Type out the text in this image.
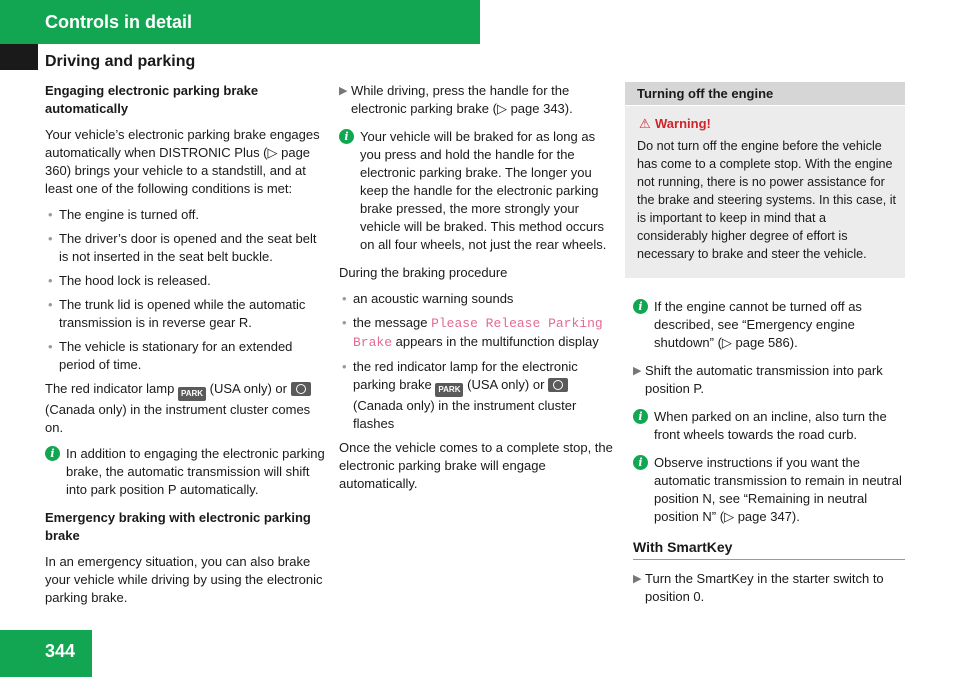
Controls in detail
Driving and parking

Engaging electronic parking brake automatically

Your vehicle’s electronic parking brake engages automatically when DISTRONIC Plus (▷ page 360) brings your vehicle to a standstill, and at least one of the following conditions is met:

• The engine is turned off.
• The driver’s door is opened and the seat belt is not inserted in the seat belt buckle.
• The hood lock is released.
• The trunk lid is opened while the automatic transmission is in reverse gear R.
• The vehicle is stationary for an extended period of time.

The red indicator lamp PARK (USA only) or  (Canada only) in the instrument cluster comes on.

i In addition to engaging the electronic parking brake, the automatic transmission will shift into park position P automatically.

Emergency braking with electronic parking brake

In an emergency situation, you can also brake your vehicle while driving by using the electronic parking brake.

▶ While driving, press the handle for the electronic parking brake (▷ page 343).
i Your vehicle will be braked for as long as you press and hold the handle for the electronic parking brake. The longer you keep the handle for the electronic parking brake pressed, the more strongly your vehicle will be braked. This method occurs on all four wheels, not just the rear wheels.

During the braking procedure

• an acoustic warning sounds
• the message Please Release Parking Brake appears in the multifunction display
• the red indicator lamp for the electronic parking brake PARK (USA only) or  (Canada only) in the instrument cluster flashes

Once the vehicle comes to a complete stop, the electronic parking brake will engage automatically.

Turning off the engine
⚠ Warning!
Do not turn off the engine before the vehicle has come to a complete stop. With the engine not running, there is no power assistance for the brake and steering systems. In this case, it is important to keep in mind that a considerably higher degree of effort is necessary to brake and steer the vehicle.
i If the engine cannot be turned off as described, see “Emergency engine shutdown” (▷ page 586).
▶ Shift the automatic transmission into park position P.
i When parked on an incline, also turn the front wheels towards the road curb.
i Observe instructions if you want the automatic transmission to remain in neutral position N, see “Remaining in neutral position N” (▷ page 347).
With SmartKey
▶ Turn the SmartKey in the starter switch to position 0.
344
